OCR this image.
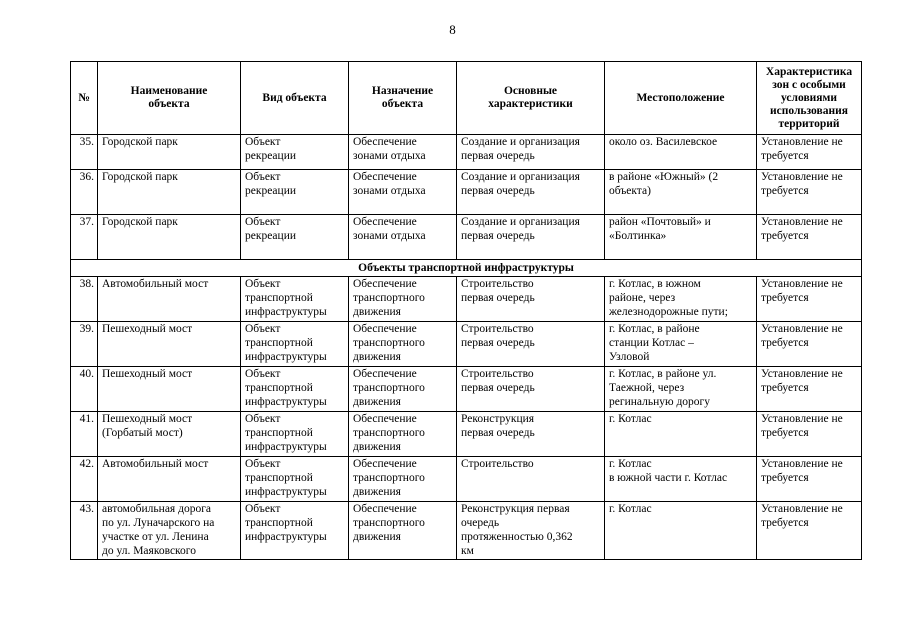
8
№	Наименование
объекта	Вид объекта	Назначение
объекта	Основные
характеристики	Местоположение	Характеристика
зон с особыми
условиями
использования
территорий

35.	Городской парк	Объект
рекреации	Обеспечение
зонами отдыха	Создание и организация
первая очередь	около оз. Василевское	Установление не
требуется

36.	Городской парк	Объект
рекреации	Обеспечение
зонами отдыха	Создание и организация
первая очередь	в районе «Южный» (2
объекта)	Установление не
требуется

37.	Городской парк	Объект
рекреации	Обеспечение
зонами отдыха	Создание и организация
первая очередь	район «Почтовый» и
«Болтинка»	Установление не
требуется

Объекты транспортной инфраструктуры						
38.	Автомобильный мост	Объект
транспортной
инфраструктуры	Обеспечение
транспортного
движения	Строительство
первая очередь	г. Котлас, в южном
районе, через
железнодорожные пути;	Установление не
требуется

39.	Пешеходный мост	Объект
транспортной
инфраструктуры	Обеспечение
транспортного
движения	Строительство
первая очередь	г. Котлас, в районе
станции Котлас –
Узловой	Установление не
требуется

40.	Пешеходный мост	Объект
транспортной
инфраструктуры	Обеспечение
транспортного
движения	Строительство
первая очередь	г. Котлас, в районе ул.
Таежной, через
регинальную дорогу	Установление не
требуется

41.	Пешеходный мост
(Горбатый мост)	Объект
транспортной
инфраструктуры	Обеспечение
транспортного
движения	Реконструкция
первая очередь	г. Котлас	Установление не
требуется

42.	Автомобильный мост	Объект
транспортной
инфраструктуры	Обеспечение
транспортного
движения	Строительство	г. Котлас
в южной части г. Котлас	Установление не
требуется

43.	автомобильная дорога
по ул. Луначарского на
участке от ул. Ленина
до ул. Маяковского	Объект
транспортной
инфраструктуры	Обеспечение
транспортного
движения	Реконструкция первая
очередь
протяженностью 0,362
км	г. Котлас	Установление не
требуется
